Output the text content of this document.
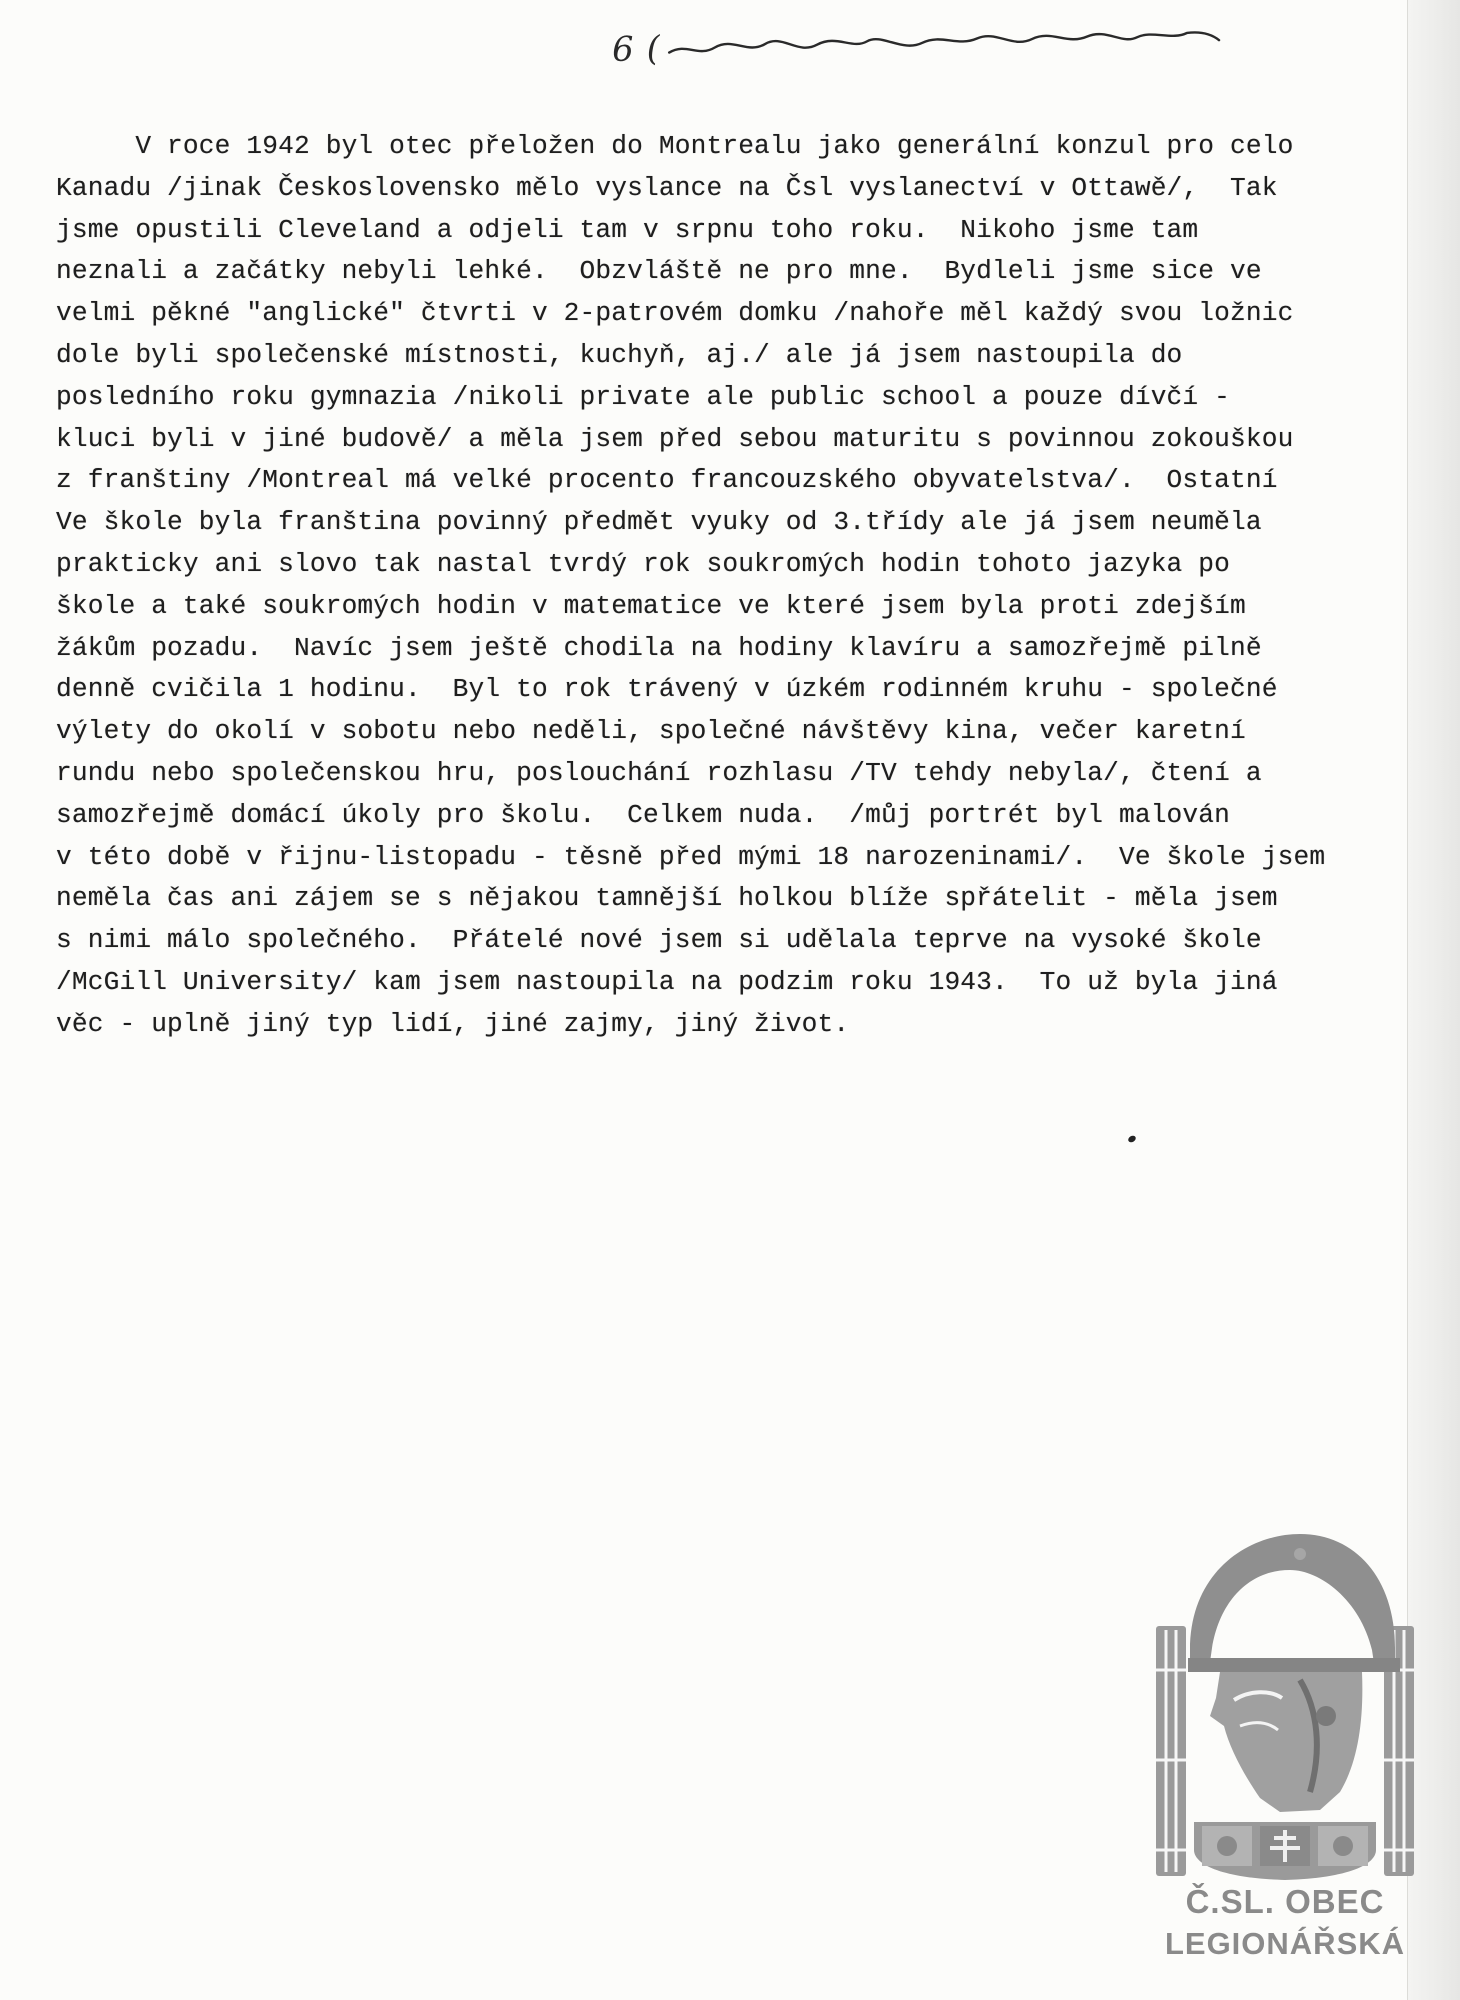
6 (
V roce 1942 byl otec přeložen do Montrealu jako generální konzul pro celo
Kanadu /jinak Československo mělo vyslance na Čsl vyslanectví v Ottawě/,  Tak
jsme opustili Cleveland a odjeli tam v srpnu toho roku.  Nikoho jsme tam
neznali a začátky nebyli lehké.  Obzvláště ne pro mne.  Bydleli jsme sice ve
velmi pěkné "anglické" čtvrti v 2-patrovém domku /nahoře měl každý svou ložnic
dole byli společenské místnosti, kuchyň, aj./ ale já jsem nastoupila do
posledního roku gymnazia /nikoli private ale public school a pouze dívčí -
kluci byli v jiné budově/ a měla jsem před sebou maturitu s povinnou zokouškou
z franštiny /Montreal má velké procento francouzského obyvatelstva/.  Ostatní
Ve škole byla franština povinný předmět vyuky od 3.třídy ale já jsem neuměla
prakticky ani slovo tak nastal tvrdý rok soukromých hodin tohoto jazyka po
škole a také soukromých hodin v matematice ve které jsem byla proti zdejším
žákům pozadu.  Navíc jsem ještě chodila na hodiny klavíru a samozřejmě pilně
denně cvičila 1 hodinu.  Byl to rok trávený v úzkém rodinném kruhu - společné
výlety do okolí v sobotu nebo neděli, společné návštěvy kina, večer karetní
rundu nebo společenskou hru, poslouchání rozhlasu /TV tehdy nebyla/, čtení a
samozřejmě domácí úkoly pro školu.  Celkem nuda.  /můj portrét byl malován
v této době v řijnu-listopadu - těsně před mými 18 narozeninami/.  Ve škole jsem
neměla čas ani zájem se s nějakou tamnější holkou blíže spřátelit - měla jsem
s nimi málo společného.  Přátelé nové jsem si udělala teprve na vysoké škole
/McGill University/ kam jsem nastoupila na podzim roku 1943.  To už byla jiná
věc - uplně jiný typ lidí, jiné zajmy, jiný život.
Č.SL. OBEC
LEGIONÁŘSKÁ
